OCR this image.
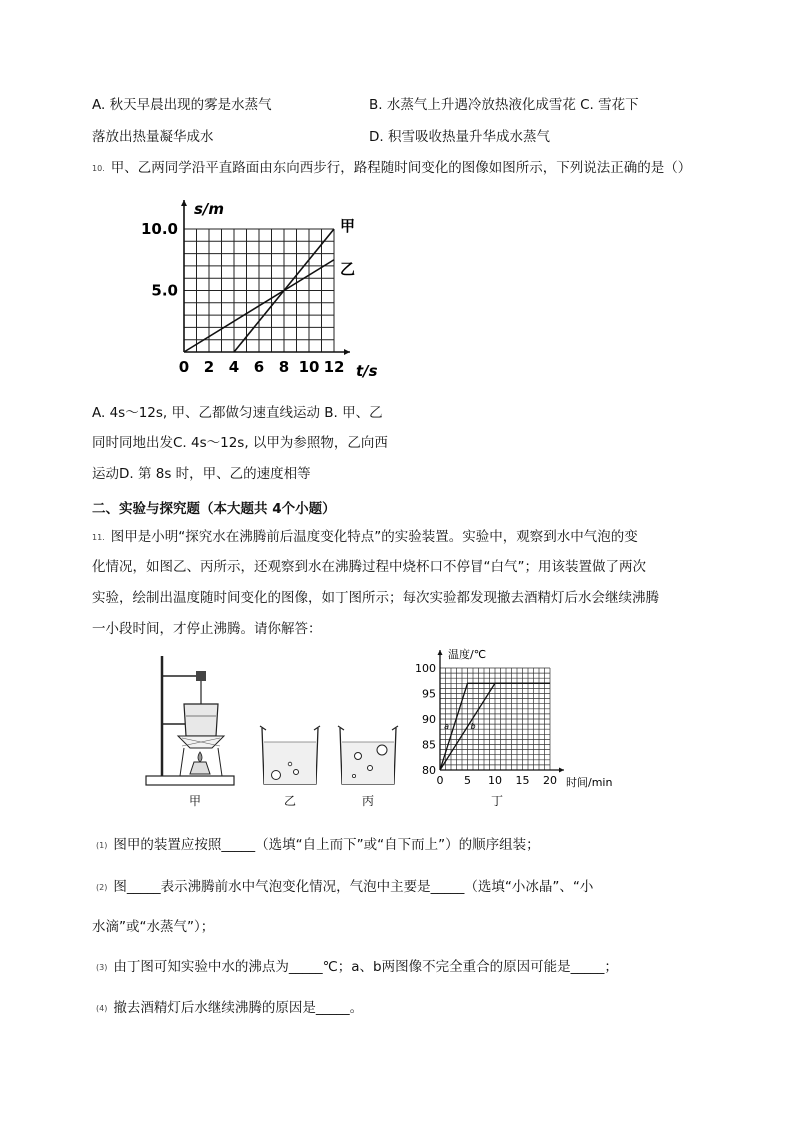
A. 秋天早晨出现的雾是水蒸气	B. 水蒸气上升遇冷放热液化成雪花 C. 雪花下
落放出热量凝华成水	D. 积雪吸收热量升华成水蒸气
10. 甲、乙两同学沿平直路面由东向西步行，路程随时间变化的图像如图所示，下列说法正确的是（）
0 2 4 6 8 10 12
5.0
10.0
s/m
t/s
甲
乙
A. 4s～12s, 甲、乙都做匀速直线运动 B. 甲、乙
同时同地出发C. 4s～12s, 以甲为参照物，乙向西
运动D. 第 8s 时，甲、乙的速度相等
二、实验与探究题（本大题共 4个小题）
11. 图甲是小明“探究水在沸腾前后温度变化特点”的实验装置。实验中，观察到水中气泡的变
化情况，如图乙、丙所示，还观察到水在沸腾过程中烧杯口不停冒“白气”；用该装置做了两次
实验，绘制出温度随时间变化的图像，如丁图所示；每次实验都发现撤去酒精灯后水会继续沸腾
一小段时间，才停止沸腾。请你解答：
甲	乙	丙
0 5 10 15 20
80
85
90
95
100
温度/℃
时间/min
a	b
丁
(1) 图甲的装置应按照_____（选填“自上而下”或“自下而上”）的顺序组装；
(2) 图_____表示沸腾前水中气泡变化情况，气泡中主要是_____（选填“小冰晶”、“小
水滴”或“水蒸气”）；
(3) 由丁图可知实验中水的沸点为_____℃；a、b两图像不完全重合的原因可能是_____；
(4) 撤去酒精灯后水继续沸腾的原因是_____。
